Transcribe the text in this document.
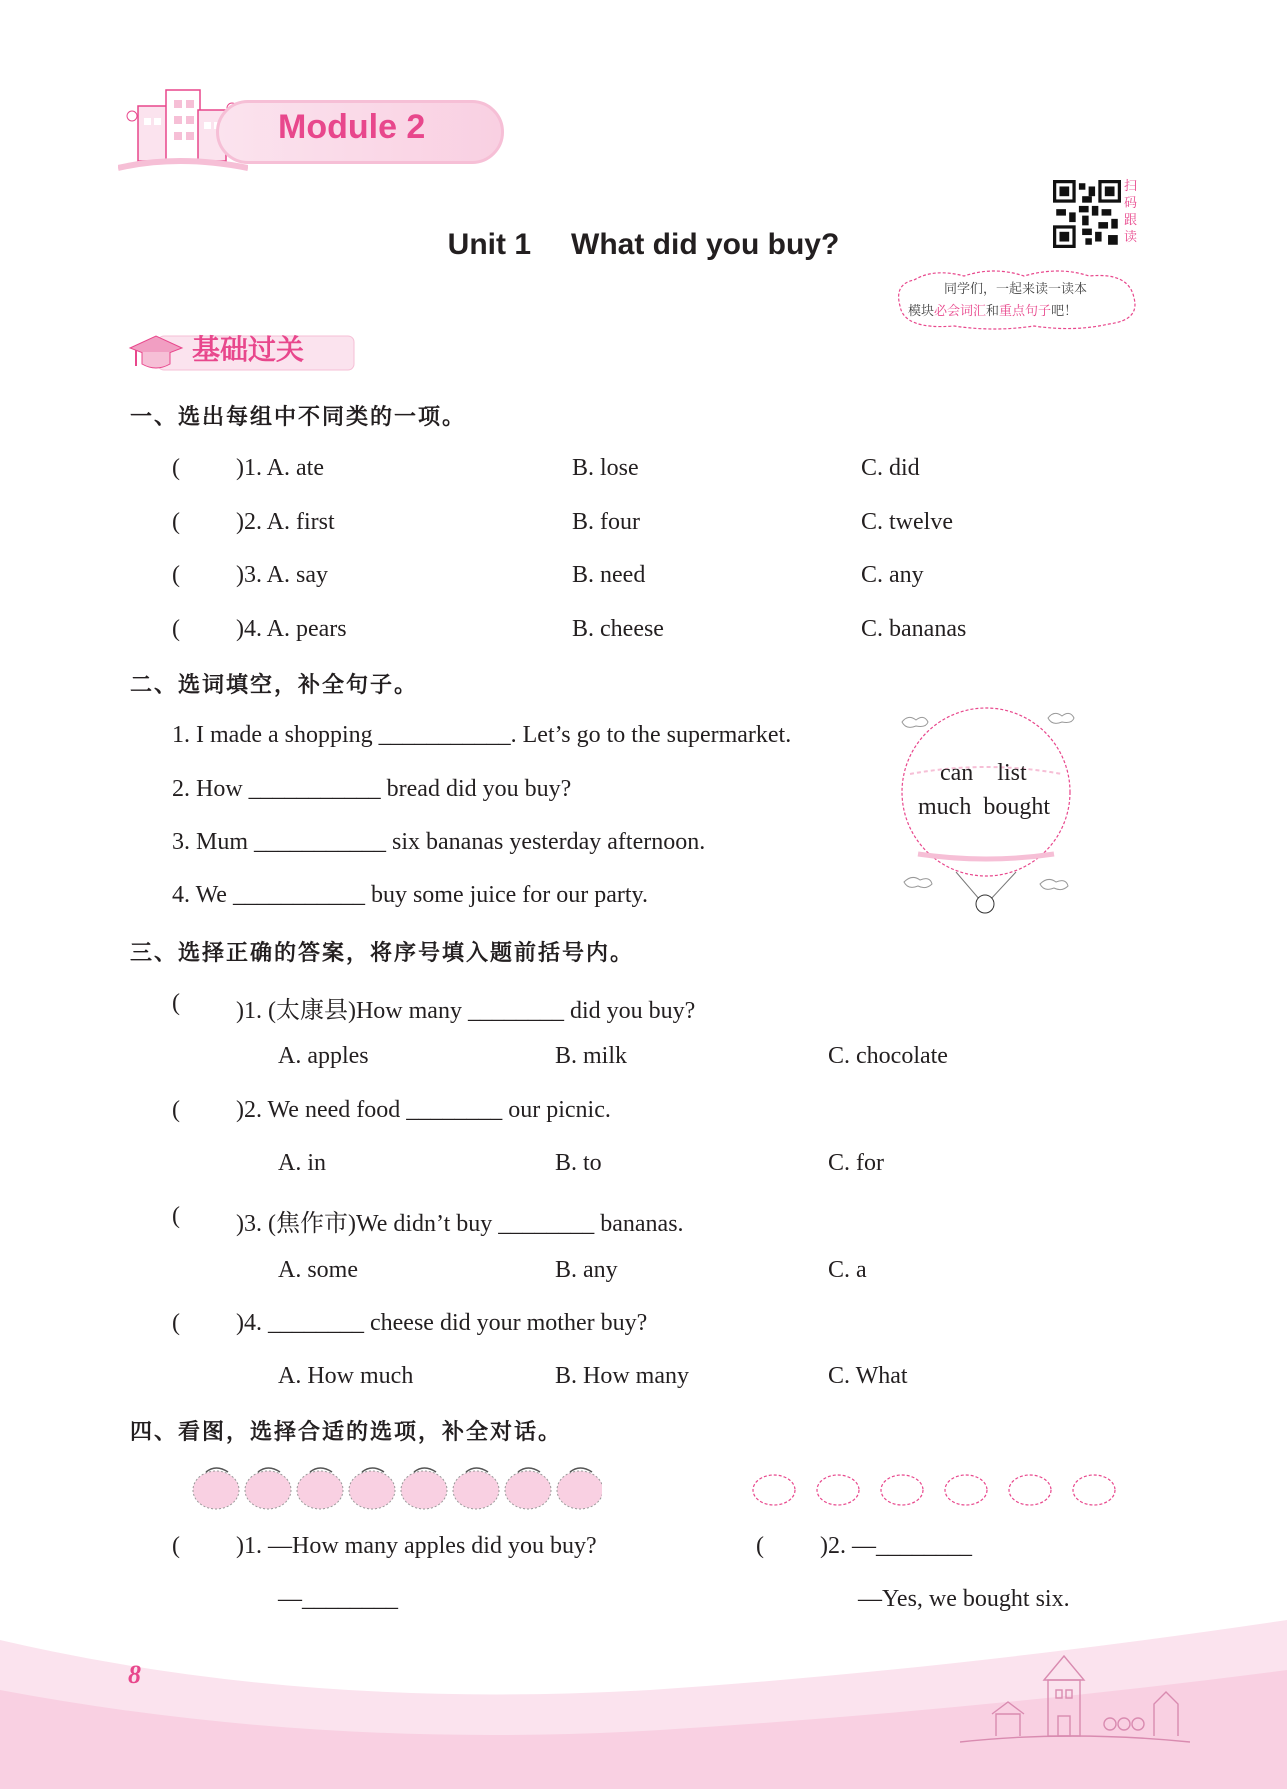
Module 2
Unit 1 What did you buy?
扫码跟读
同学们，一起来读一读本
模块必会词汇和重点句子吧！
基础过关
一、选出每组中不同类的一项。
( )1. A. ate	B. lose	C. did
( )2. A. first	B. four	C. twelve
( )3. A. say	B. need	C. any
( )4. A. pears	B. cheese	C. bananas
二、选词填空，补全句子。
1. I made a shopping ___________. Let’s go to the supermarket.
2. How ___________ bread did you buy?
3. Mum ___________ six bananas yesterday afternoon.
4. We ___________ buy some juice for our party.
can    list
much  bought
三、选择正确的答案，将序号填入题前括号内。
( )1. (太康县)How many ________ did you buy?
A. apples	B. milk	C. chocolate
( )2. We need food ________ our picnic.
A. in	B. to	C. for
( )3. (焦作市)We didn’t buy ________ bananas.
A. some	B. any	C. a
( )4. ________ cheese did your mother buy?
A. How much	B. How many	C. What
四、看图，选择合适的选项，补全对话。
( )1. —How many apples did you buy?
—________
( )2. —________
—Yes, we bought six.
8
